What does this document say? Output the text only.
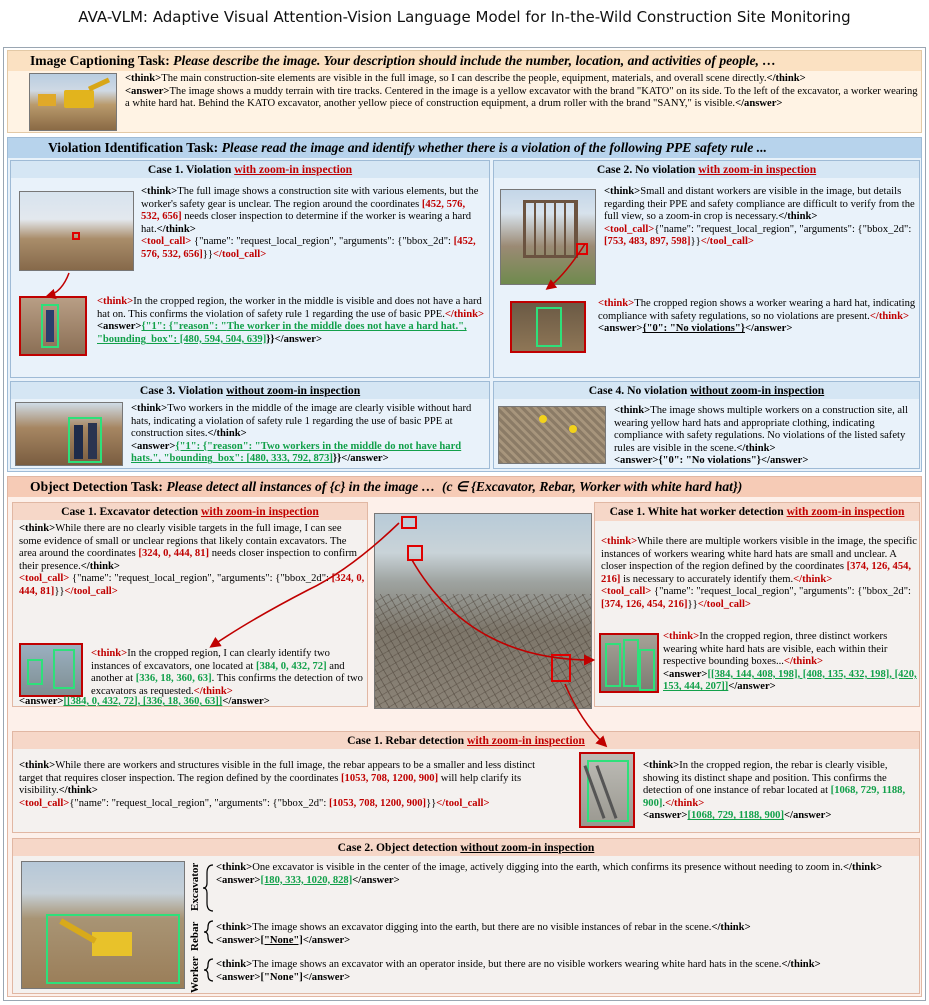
AVA-VLM: Adaptive Visual Attention-Vision Language Model for In-the-Wild Construction Site Monitoring
Image Captioning Task: Please describe the image. Your description should include the number, location, and activities of people, …
<think>The main construction-site elements are visible in the full image, so I can describe the people, equipment, materials, and overall scene directly.</think>
<answer>The image shows a muddy terrain with tire tracks. Centered in the image is a yellow excavator with the brand "KATO" on its side. To the left of the excavator, a worker wearing a white hard hat. Behind the KATO excavator, another yellow piece of construction equipment, a drum roller with the brand "SANY," is visible.</answer>
Violation Identification Task: Please read the image and identify whether there is a violation of the following PPE safety rule ...
Case 1. Violation with zoom-in inspection
<think>The full image shows a construction site with various elements, but the worker's safety gear is unclear. The region around the coordinates [452, 576, 532, 656] needs closer inspection to determine if the worker is wearing a hard hat.</think>
<tool_call> {"name": "request_local_region", "arguments": {"bbox_2d": [452, 576, 532, 656]}}</tool_call>
<think>In the cropped region, the worker in the middle is visible and does not have a hard hat on. This confirms the violation of safety rule 1 regarding the use of basic PPE.</think>
<answer>{"1": {"reason": "The worker in the middle does not have a hard hat.", "bounding_box": [480, 594, 504, 639]}}</answer>
Case 2. No violation with zoom-in inspection
<think>Small and distant workers are visible in the image, but details regarding their PPE and safety compliance are difficult to verify from the full view, so a zoom-in crop is necessary.</think>
<tool_call>{"name": "request_local_region", "arguments": {"bbox_2d": [753, 483, 897, 598]}}</tool_call>
<think>The cropped region shows a worker wearing a hard hat, indicating compliance with safety regulations, so no violations are present.</think>
<answer>{"0": "No violations"}</answer>
Case 3. Violation without zoom-in inspection
<think>Two workers in the middle of the image are clearly visible without hard hats, indicating a violation of safety rule 1 regarding the use of basic PPE at construction sites.</think>
<answer>{"1": {"reason": "Two workers in the middle do not have hard hats.", "bounding_box": [480, 333, 792, 873]}}</answer>
Case 4. No violation without zoom-in inspection
<think>The image shows multiple workers on a construction site, all wearing yellow hard hats and appropriate clothing, indicating compliance with safety regulations. No violations of the listed safety rules are visible in the scene.</think>
<answer>{"0": "No violations"}</answer>
Object Detection Task: Please detect all instances of {c} in the image … (c ∈ {Excavator, Rebar, Worker with white hard hat})
Case 1. Excavator detection with zoom-in inspection
<think>While there are no clearly visible targets in the full image, I can see some evidence of small or unclear regions that likely contain excavators. The area around the coordinates [324, 0, 444, 81] needs closer inspection to confirm their presence.</think>
<tool_call> {"name": "request_local_region", "arguments": {"bbox_2d": [324, 0, 444, 81]}}</tool_call>
<think>In the cropped region, I can clearly identify two instances of excavators, one located at [384, 0, 432, 72] and another at [336, 18, 360, 63]. This confirms the detection of two excavators as requested.</think>
<answer>[[384, 0, 432, 72], [336, 18, 360, 63]]</answer>
Case 1. White hat worker detection with zoom-in inspection
<think>While there are multiple workers visible in the image, the specific instances of workers wearing white hard hats are small and unclear. A closer inspection of the region defined by the coordinates [374, 126, 454, 216] is necessary to accurately identify them.</think>
<tool_call> {"name": "request_local_region", "arguments": {"bbox_2d": [374, 126, 454, 216]}}</tool_call>
<think>In the cropped region, three distinct workers wearing white hard hats are visible, each within their respective bounding boxes...</think>
<answer>[[384, 144, 408, 198], [408, 135, 432, 198], [420, 153, 444, 207]]</answer>
Case 1. Rebar detection with zoom-in inspection
<think>While there are workers and structures visible in the full image, the rebar appears to be a smaller and less distinct target that requires closer inspection. The region defined by the coordinates [1053, 708, 1200, 900] will help clarify its visibility.</think>
<tool_call>{"name": "request_local_region", "arguments": {"bbox_2d": [1053, 708, 1200, 900]}}</tool_call>
<think>In the cropped region, the rebar is clearly visible, showing its distinct shape and position. This confirms the detection of one instance of rebar located at [1068, 729, 1188, 900].</think>
<answer>[1068, 729, 1188, 900]</answer>
Case 2. Object detection without zoom-in inspection
Excavator
Rebar
Worker
<think>One excavator is visible in the center of the image, actively digging into the earth, which confirms its presence without needing to zoom in.</think>
<answer>[180, 333, 1020, 828]</answer>
<think>The image shows an excavator digging into the earth, but there are no visible instances of rebar in the scene.</think>
<answer>["None"]</answer>
<think>The image shows an excavator with an operator inside, but there are no visible workers wearing white hard hats in the scene.</think>
<answer>["None"]</answer>
